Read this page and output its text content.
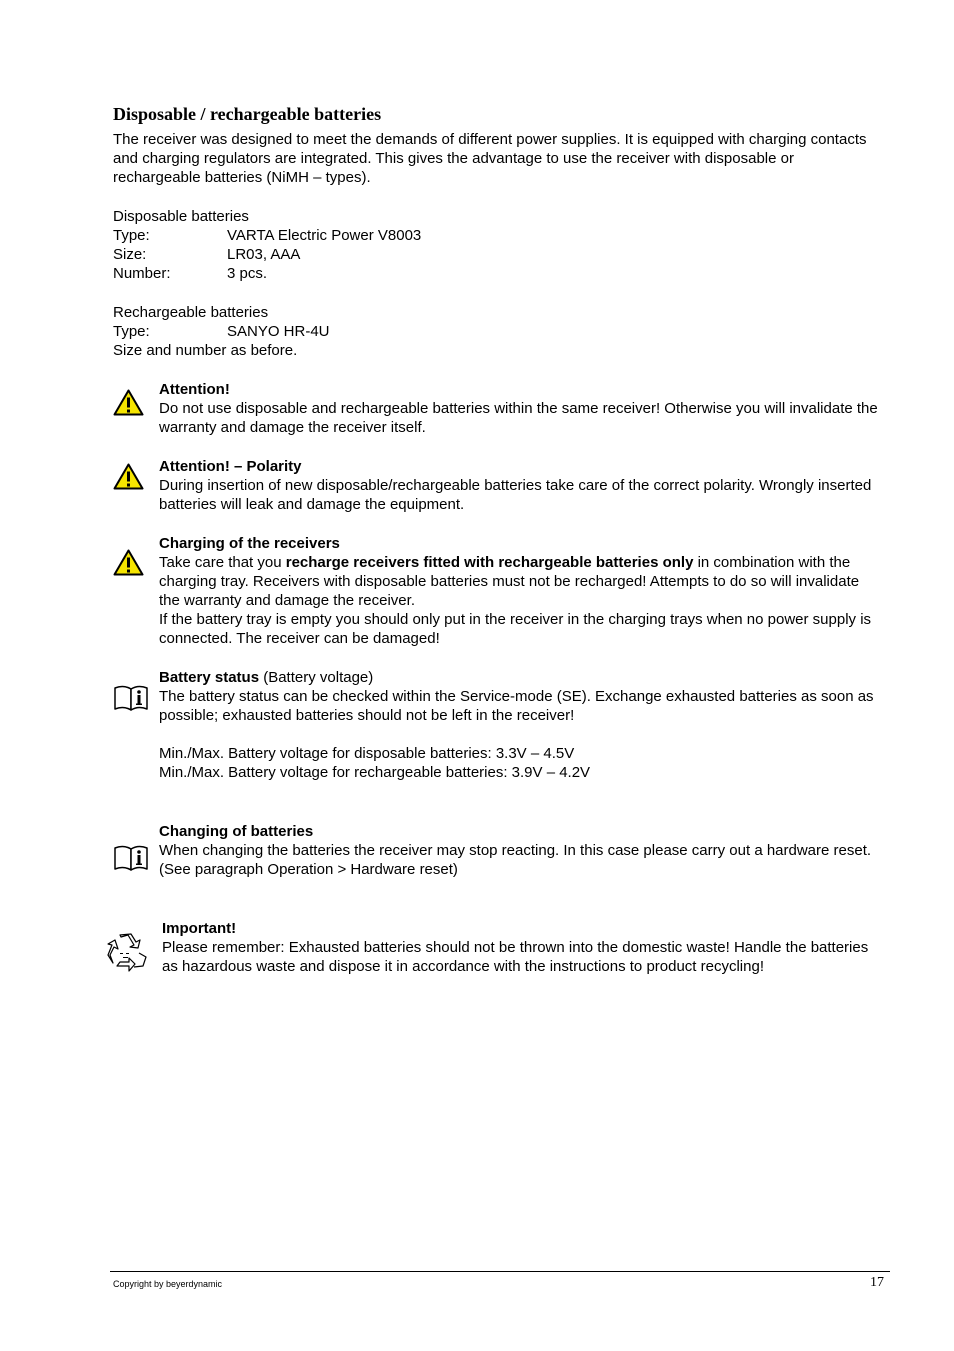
Disposable / rechargeable batteries

The receiver was designed to meet the demands of different power supplies. It is equipped with charging contacts and charging regulators are integrated. This gives the advantage to use the receiver with disposable or rechargeable batteries (NiMH – types).

Disposable batteries
Type:	VARTA Electric Power V8003
Size:	LR03, AAA
Number:	3 pcs.
Rechargeable batteries
Type:	SANYO HR-4U
Size and number as before.

Attention!

Do not use disposable and rechargeable batteries within the same receiver! Otherwise you will invalidate the warranty and damage the receiver itself.

Attention! – Polarity

During insertion of new disposable/rechargeable batteries take care of the correct polarity. Wrongly inserted batteries will leak and damage the equipment.

Charging of the receivers

Take care that you recharge receivers fitted with rechargeable batteries only in combination with the charging tray. Receivers with disposable batteries must not be recharged! Attempts to do so will invalidate the warranty and damage the receiver.

If the battery tray is empty you should only put in the receiver in the charging trays when no power supply is connected. The receiver can be damaged!

Battery status (Battery voltage)

The battery status can be checked within the Service-mode (SE). Exchange exhausted batteries as soon as possible; exhausted batteries should not be left in the receiver!

Min./Max. Battery voltage for disposable batteries: 3.3V – 4.5V

Min./Max. Battery voltage for rechargeable batteries: 3.9V – 4.2V

Changing of batteries

When changing the batteries the receiver may stop reacting. In this case please carry out a hardware reset.

(See paragraph Operation > Hardware reset)

Important!

Please remember: Exhausted batteries should not be thrown into the domestic waste! Handle the batteries as hazardous waste and dispose it in accordance with the instructions to product recycling!

Copyright by beyerdynamic	17
